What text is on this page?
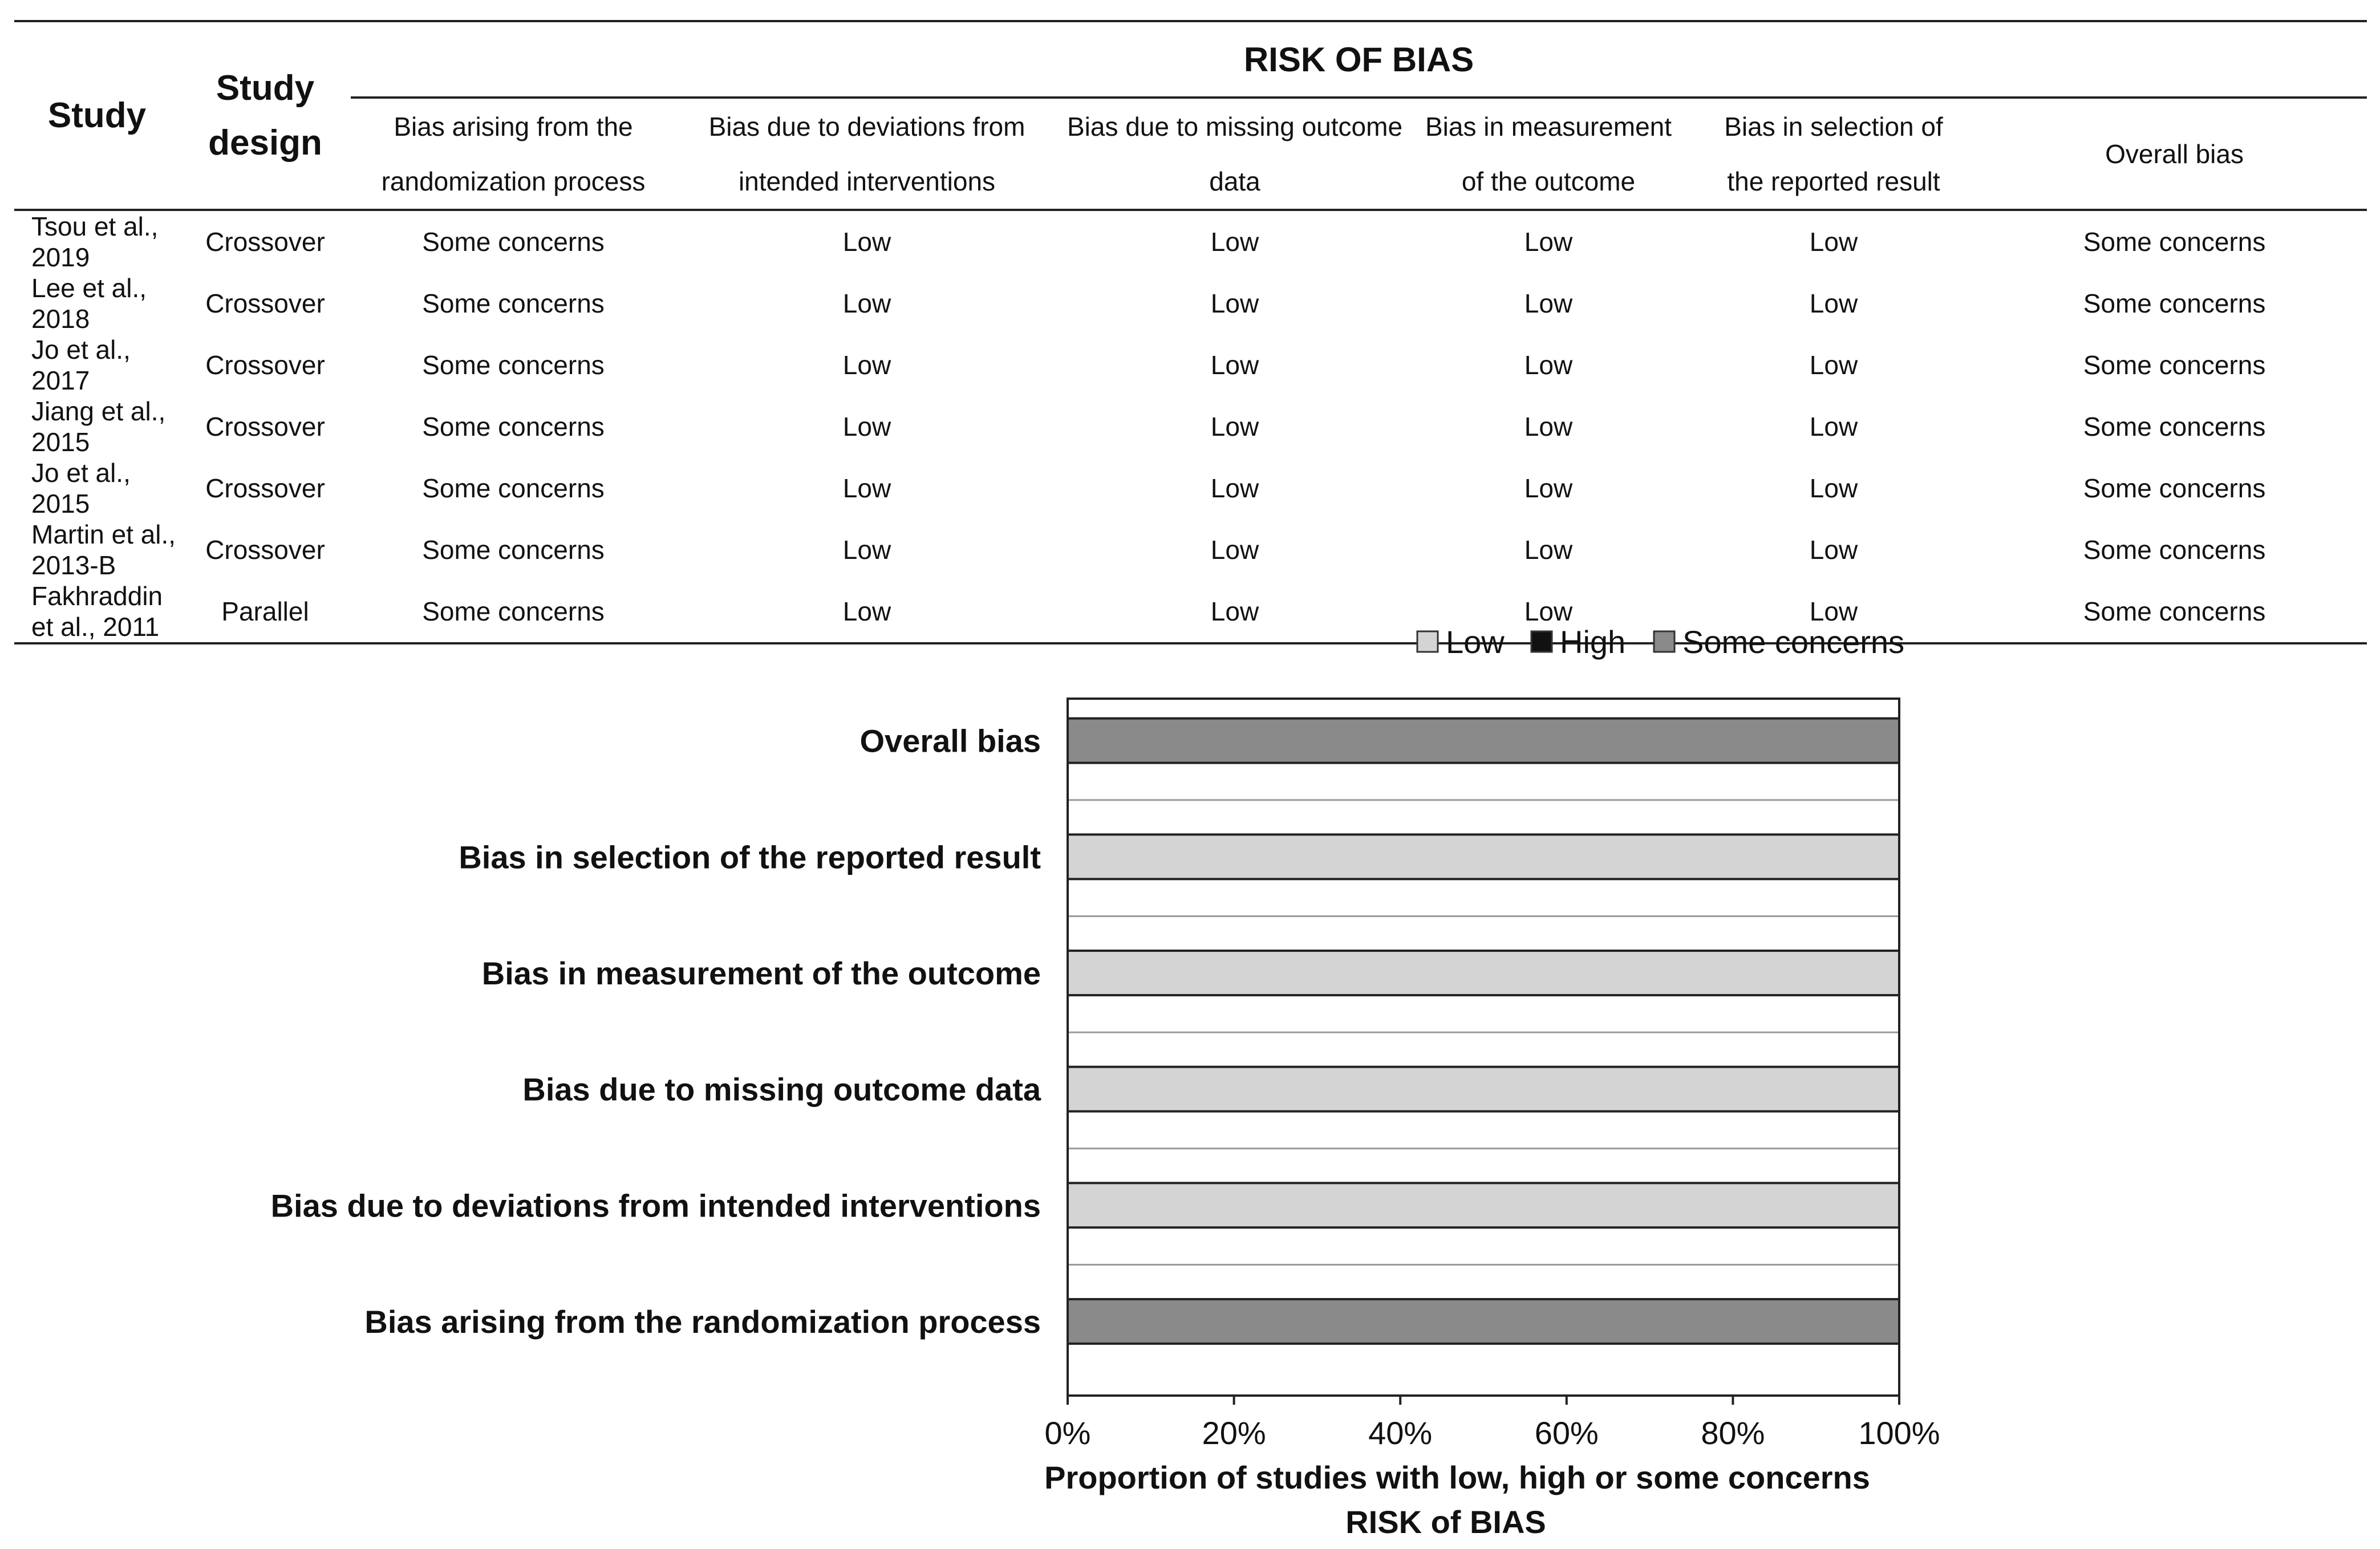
Study	Study design	RISK OF BIAS					
		Bias arising from the randomization process	Bias due to deviations from intended interventions	Bias due to missing outcome data	Bias in measurement of the outcome	Bias in selection of the reported result	Overall bias
Tsou et al., 2019	Crossover	Some concerns	Low	Low	Low	Low	Some concerns
Lee et al., 2018	Crossover	Some concerns	Low	Low	Low	Low	Some concerns
Jo et al., 2017	Crossover	Some concerns	Low	Low	Low	Low	Some concerns
Jiang et al., 2015	Crossover	Some concerns	Low	Low	Low	Low	Some concerns
Jo et al., 2015	Crossover	Some concerns	Low	Low	Low	Low	Some concerns
Martin et al., 2013-B	Crossover	Some concerns	Low	Low	Low	Low	Some concerns
Fakhraddin et al., 2011	Parallel	Some concerns	Low	Low	Low	Low	Some concerns
Low High Some concerns
Overall bias
Bias in selection of the reported result
Bias in measurement of the outcome
Bias due to missing outcome data
Bias due to deviations from intended interventions
Bias arising from the randomization process
0%	20%	40%	60%	80%	100%
Proportion of studies with low, high or some concerns
RISK of BIAS
